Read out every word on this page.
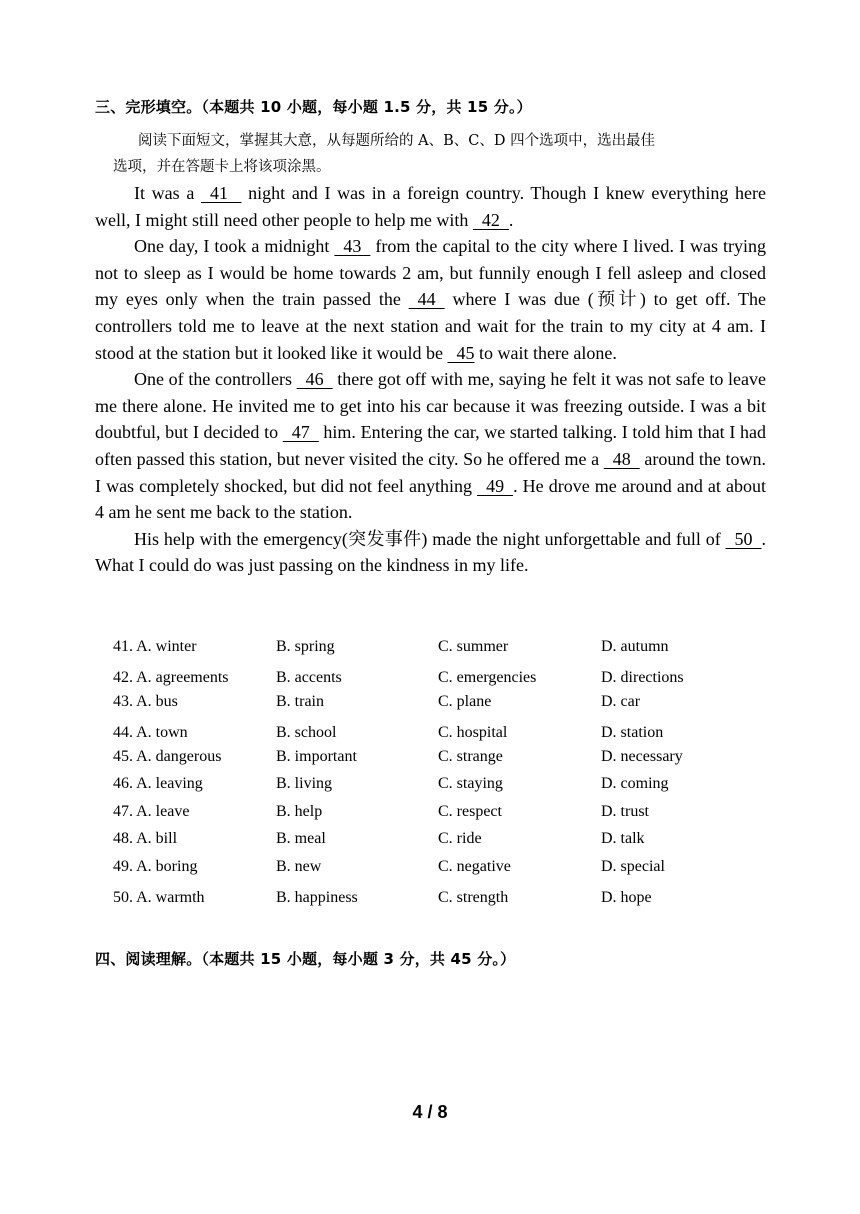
三、完形填空。（本题共 10 小题，每小题 1.5 分，共 15 分。）

阅读下面短文，掌握其大意，从每题所给的 A、B、C、D 四个选项中，选出最佳

选项，并在答题卡上将该项涂黑。

It was a   41    night and I was in a foreign country. Though I knew everything here well, I might still need other people to help me with   42  .

One day, I took a midnight   43   from the capital to the city where I lived. I was trying not to sleep as I would be home towards 2 am, but funnily enough I fell asleep and closed my eyes only when the train passed the   44   where I was due (预计) to get off. The controllers told me to leave at the next station and wait for the train to my city at 4 am. I stood at the station but it looked like it would be   45 to wait there alone.

One of the controllers   46   there got off with me, saying he felt it was not safe to leave me there alone. He invited me to get into his car because it was freezing outside. I was a bit doubtful, but I decided to   47   him. Entering the car, we started talking. I told him that I had often passed this station, but never visited the city. So he offered me a   48   around the town. I was completely shocked, but did not feel anything   49  . He drove me around and at about 4 am he sent me back to the station.

His help with the emergency(突发事件) made the night unforgettable and full of   50  . What I could do was just passing on the kindness in my life.

41. A. winter	B. spring	C. summer	D. autumn
42. A. agreements	B. accents	C. emergencies	D. directions
43. A. bus	B. train	C. plane	D. car
44. A. town	B. school	C. hospital	D. station
45. A. dangerous	B. important	C. strange	D. necessary
46. A. leaving	B. living	C. staying	D. coming
47. A. leave	B. help	C. respect	D. trust
48. A. bill	B. meal	C. ride	D. talk
49. A. boring	B. new	C. negative	D. special
50. A. warmth	B. happiness	C. strength	D. hope
四、阅读理解。（本题共 15 小题，每小题 3 分，共 45 分。）
4 / 8
